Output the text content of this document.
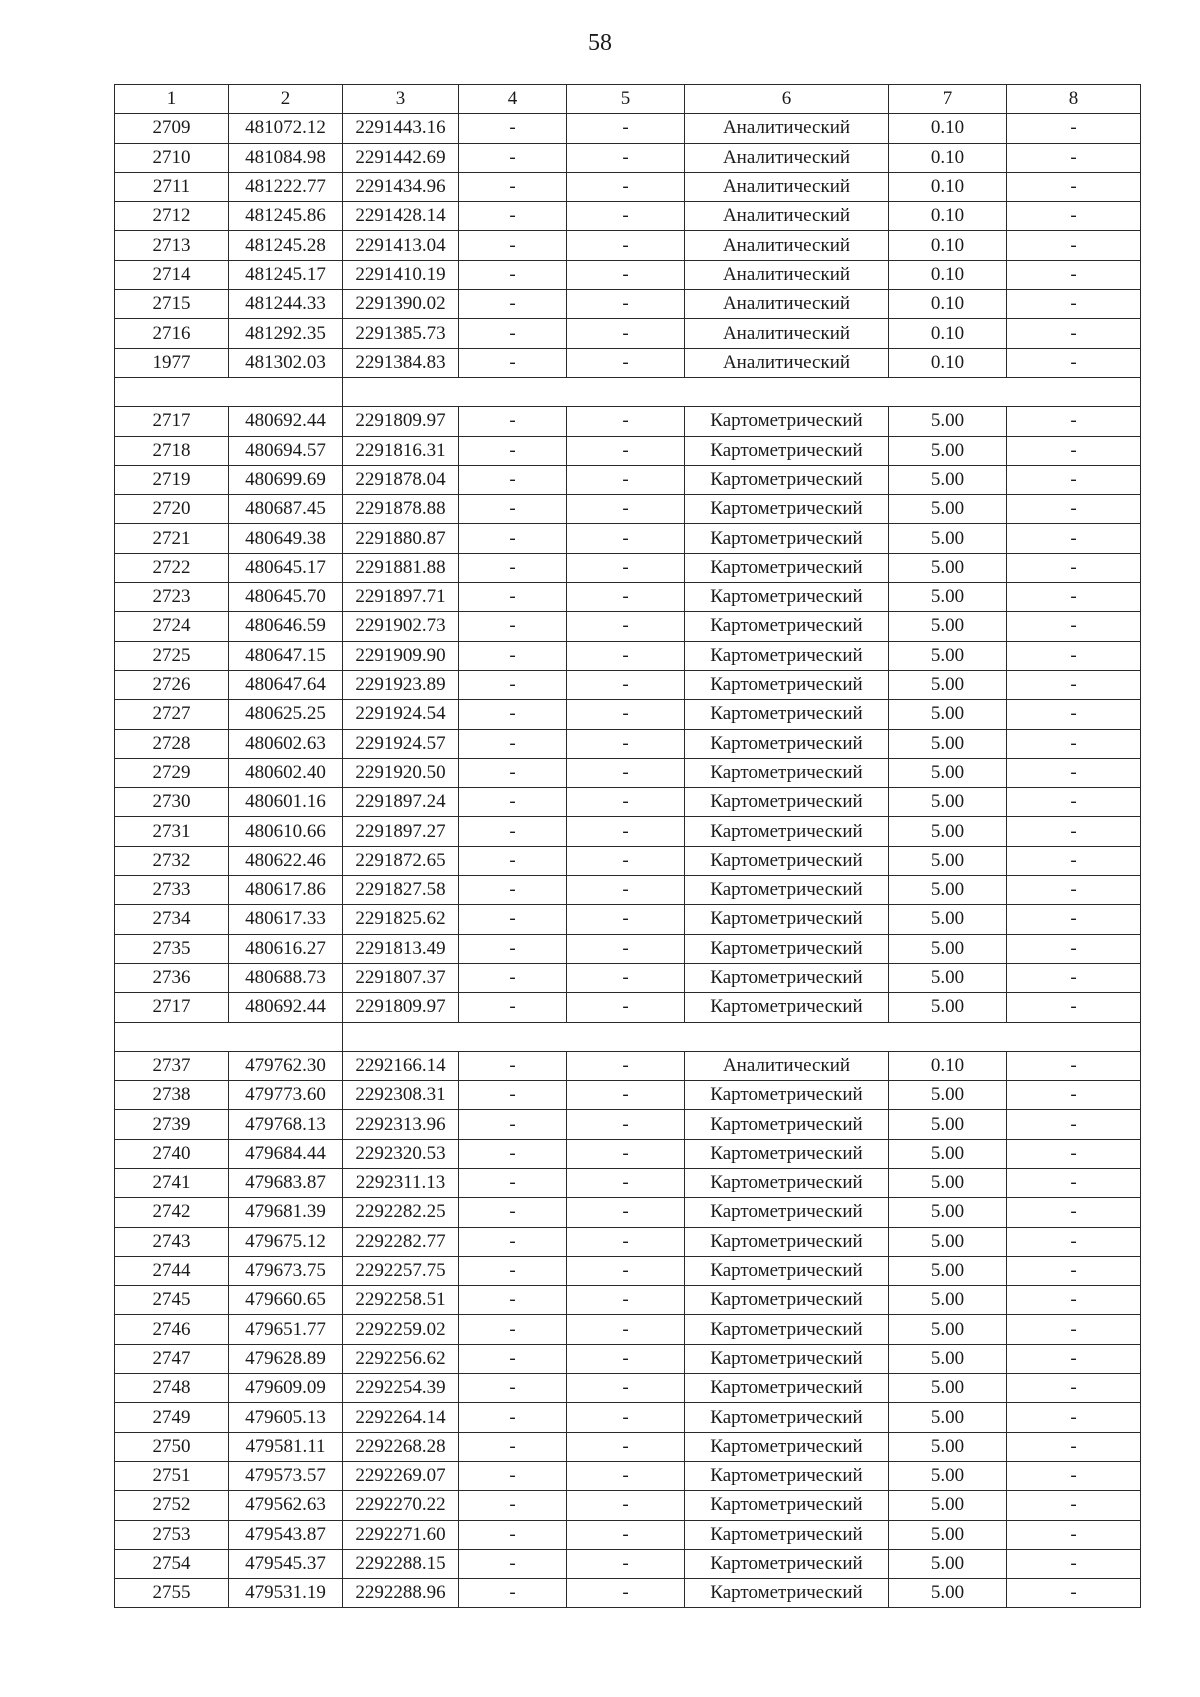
58
1	2	3	4	5	6	7	8
2709	481072.12	2291443.16	-	-	Аналитический	0.10	-
2710	481084.98	2291442.69	-	-	Аналитический	0.10	-
2711	481222.77	2291434.96	-	-	Аналитический	0.10	-
2712	481245.86	2291428.14	-	-	Аналитический	0.10	-
2713	481245.28	2291413.04	-	-	Аналитический	0.10	-
2714	481245.17	2291410.19	-	-	Аналитический	0.10	-
2715	481244.33	2291390.02	-	-	Аналитический	0.10	-
2716	481292.35	2291385.73	-	-	Аналитический	0.10	-
1977	481302.03	2291384.83	-	-	Аналитический	0.10	-

2717	480692.44	2291809.97	-	-	Картометрический	5.00	-
2718	480694.57	2291816.31	-	-	Картометрический	5.00	-
2719	480699.69	2291878.04	-	-	Картометрический	5.00	-
2720	480687.45	2291878.88	-	-	Картометрический	5.00	-
2721	480649.38	2291880.87	-	-	Картометрический	5.00	-
2722	480645.17	2291881.88	-	-	Картометрический	5.00	-
2723	480645.70	2291897.71	-	-	Картометрический	5.00	-
2724	480646.59	2291902.73	-	-	Картометрический	5.00	-
2725	480647.15	2291909.90	-	-	Картометрический	5.00	-
2726	480647.64	2291923.89	-	-	Картометрический	5.00	-
2727	480625.25	2291924.54	-	-	Картометрический	5.00	-
2728	480602.63	2291924.57	-	-	Картометрический	5.00	-
2729	480602.40	2291920.50	-	-	Картометрический	5.00	-
2730	480601.16	2291897.24	-	-	Картометрический	5.00	-
2731	480610.66	2291897.27	-	-	Картометрический	5.00	-
2732	480622.46	2291872.65	-	-	Картометрический	5.00	-
2733	480617.86	2291827.58	-	-	Картометрический	5.00	-
2734	480617.33	2291825.62	-	-	Картометрический	5.00	-
2735	480616.27	2291813.49	-	-	Картометрический	5.00	-
2736	480688.73	2291807.37	-	-	Картометрический	5.00	-
2717	480692.44	2291809.97	-	-	Картометрический	5.00	-

2737	479762.30	2292166.14	-	-	Аналитический	0.10	-
2738	479773.60	2292308.31	-	-	Картометрический	5.00	-
2739	479768.13	2292313.96	-	-	Картометрический	5.00	-
2740	479684.44	2292320.53	-	-	Картометрический	5.00	-
2741	479683.87	2292311.13	-	-	Картометрический	5.00	-
2742	479681.39	2292282.25	-	-	Картометрический	5.00	-
2743	479675.12	2292282.77	-	-	Картометрический	5.00	-
2744	479673.75	2292257.75	-	-	Картометрический	5.00	-
2745	479660.65	2292258.51	-	-	Картометрический	5.00	-
2746	479651.77	2292259.02	-	-	Картометрический	5.00	-
2747	479628.89	2292256.62	-	-	Картометрический	5.00	-
2748	479609.09	2292254.39	-	-	Картометрический	5.00	-
2749	479605.13	2292264.14	-	-	Картометрический	5.00	-
2750	479581.11	2292268.28	-	-	Картометрический	5.00	-
2751	479573.57	2292269.07	-	-	Картометрический	5.00	-
2752	479562.63	2292270.22	-	-	Картометрический	5.00	-
2753	479543.87	2292271.60	-	-	Картометрический	5.00	-
2754	479545.37	2292288.15	-	-	Картометрический	5.00	-
2755	479531.19	2292288.96	-	-	Картометрический	5.00	-
